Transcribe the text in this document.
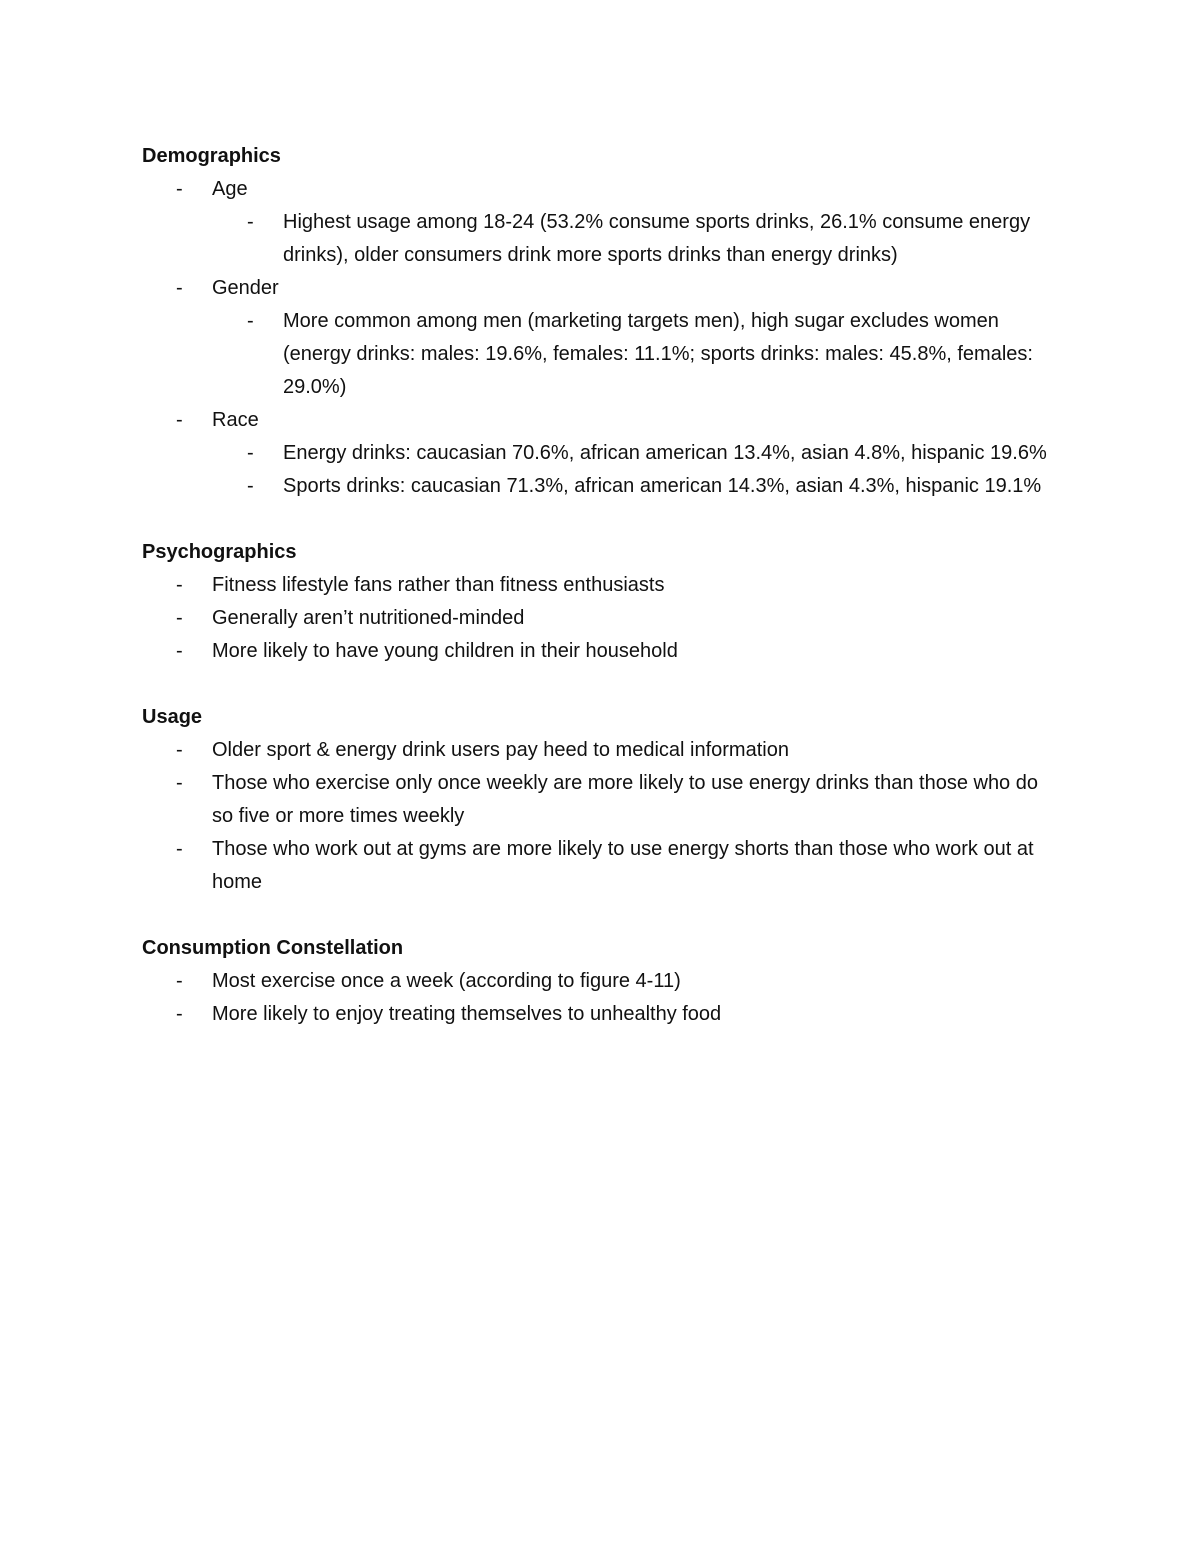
Demographics
- Age
- Highest usage among 18-24 (53.2% consume sports drinks, 26.1% consume energy drinks), older consumers drink more sports drinks than energy drinks)
- Gender
- More common among men (marketing targets men), high sugar excludes women (energy drinks: males: 19.6%, females: 11.1%; sports drinks: males: 45.8%, females: 29.0%)
- Race
- Energy drinks: caucasian 70.6%, african american 13.4%, asian 4.8%, hispanic 19.6%
- Sports drinks: caucasian 71.3%, african american 14.3%, asian 4.3%, hispanic 19.1%
Psychographics
- Fitness lifestyle fans rather than fitness enthusiasts
- Generally aren’t nutritioned-minded
- More likely to have young children in their household
Usage
- Older sport & energy drink users pay heed to medical information
- Those who exercise only once weekly are more likely to use energy drinks than those who do so five or more times weekly
- Those who work out at gyms are more likely to use energy shorts than those who work out at home
Consumption Constellation
- Most exercise once a week (according to figure 4-11)
- More likely to enjoy treating themselves to unhealthy food
